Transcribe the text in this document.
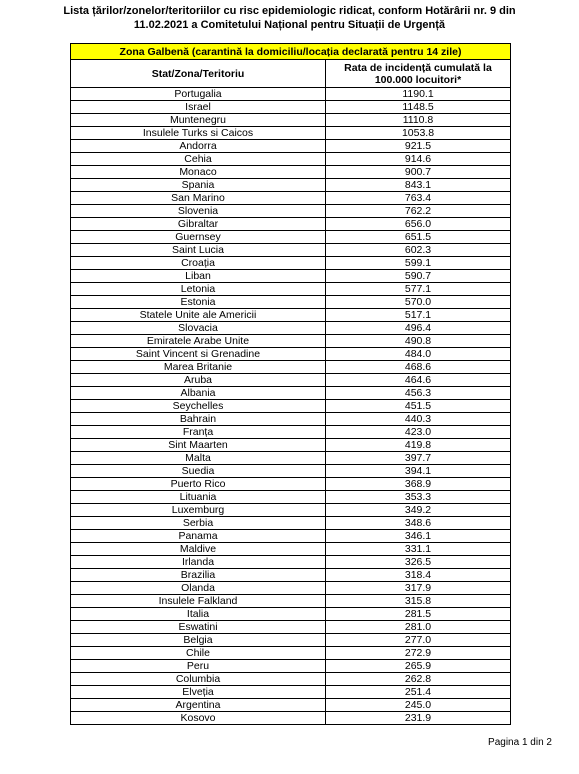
Lista țărilor/zonelor/teritoriilor cu risc epidemiologic ridicat, conform Hotărârii nr. 9 din
11.02.2021 a Comitetului Național pentru Situații de Urgență
Zona Galbenă (carantină la domiciliu/locația declarată pentru 14 zile)	
Stat/Zona/Teritoriu	Rata de incidență cumulată la 100.000 locuitori*
Portugalia	1190.1
Israel	1148.5
Muntenegru	1110.8
Insulele Turks si Caicos	1053.8
Andorra	921.5
Cehia	914.6
Monaco	900.7
Spania	843.1
San Marino	763.4
Slovenia	762.2
Gibraltar	656.0
Guernsey	651.5
Saint Lucia	602.3
Croația	599.1
Liban	590.7
Letonia	577.1
Estonia	570.0
Statele Unite ale Americii	517.1
Slovacia	496.4
Emiratele Arabe Unite	490.8
Saint Vincent si Grenadine	484.0
Marea Britanie	468.6
Aruba	464.6
Albania	456.3
Seychelles	451.5
Bahrain	440.3
Franța	423.0
Sint Maarten	419.8
Malta	397.7
Suedia	394.1
Puerto Rico	368.9
Lituania	353.3
Luxemburg	349.2
Serbia	348.6
Panama	346.1
Maldive	331.1
Irlanda	326.5
Brazilia	318.4
Olanda	317.9
Insulele Falkland	315.8
Italia	281.5
Eswatini	281.0
Belgia	277.0
Chile	272.9
Peru	265.9
Columbia	262.8
Elveția	251.4
Argentina	245.0
Kosovo	231.9
Pagina 1 din 2
